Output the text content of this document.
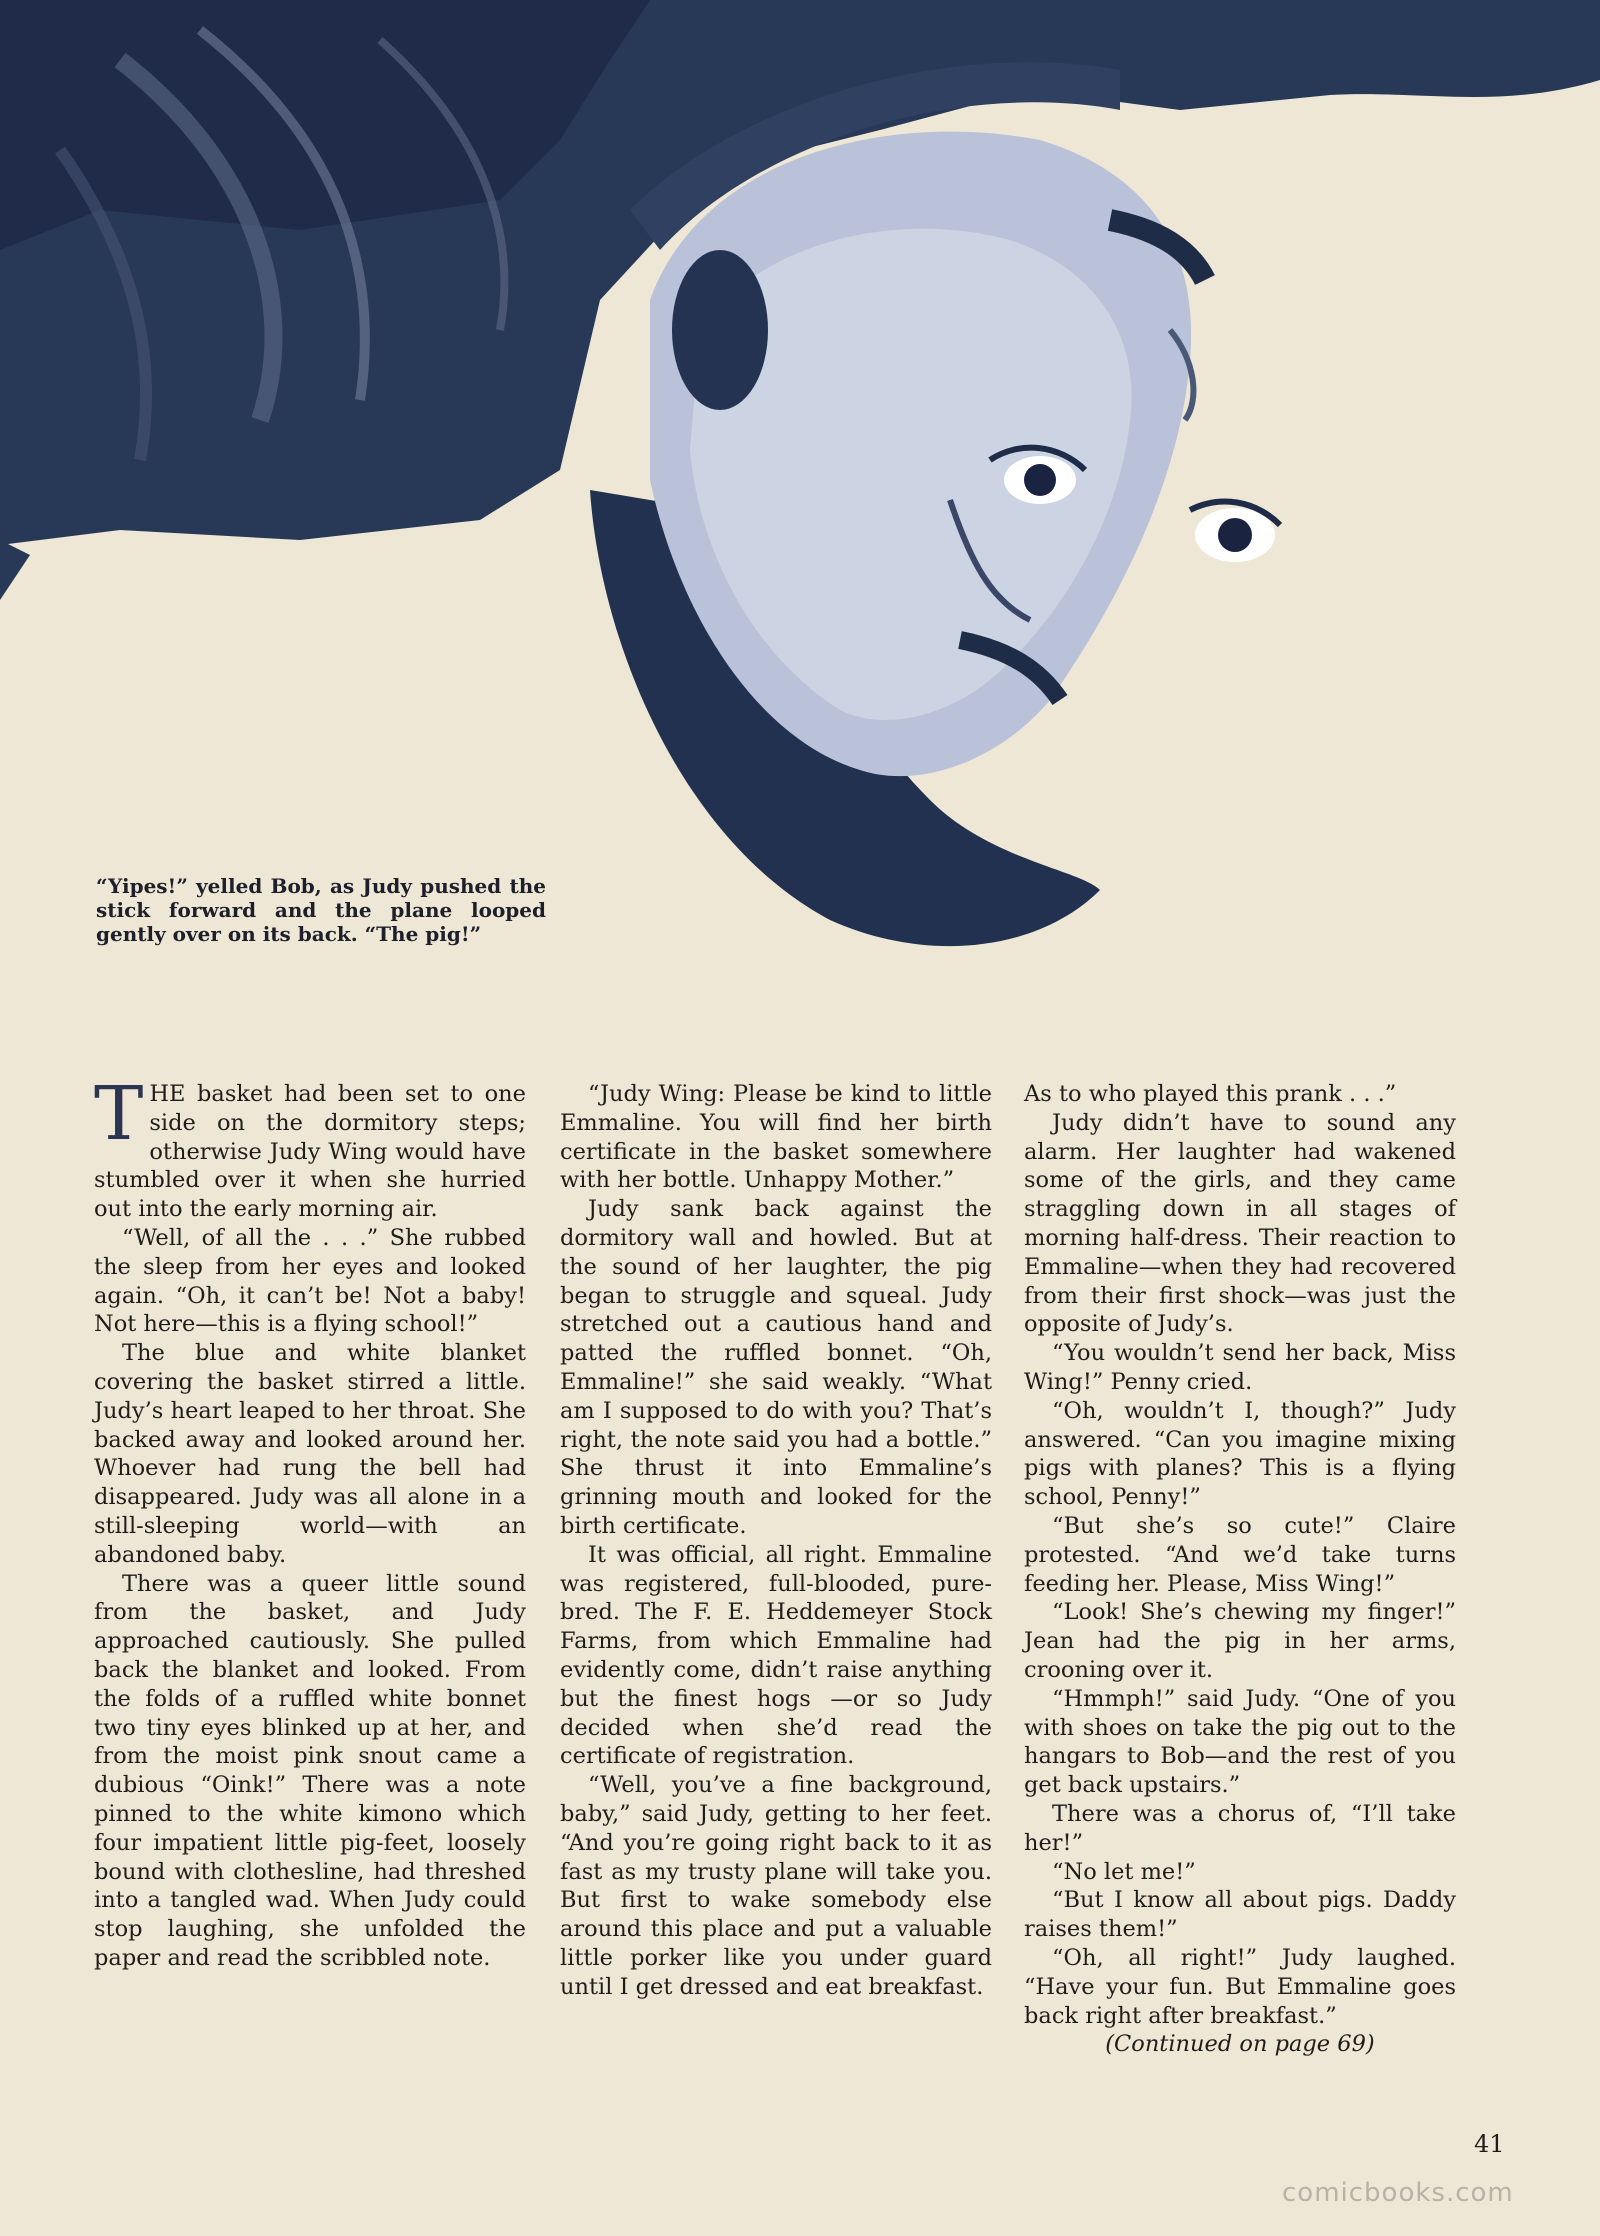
“Yipes!” yelled Bob, as Judy pushed the stick forward and the plane looped gently over on its back. “The pig!”

THE basket had been set to one side on the dormitory steps; otherwise Judy Wing would have stumbled over it when she hurried out into the early morning air.

“Well, of all the . . .” She rubbed the sleep from her eyes and looked again. “Oh, it can’t be! Not a baby! Not here—this is a flying school!”

The blue and white blanket covering the basket stirred a little. Judy’s heart leaped to her throat. She backed away and looked around her. Whoever had rung the bell had disappeared. Judy was all alone in a still-sleeping world—with an abandoned baby.

There was a queer little sound from the basket, and Judy approached cautiously. She pulled back the blanket and looked. From the folds of a ruffled white bonnet two tiny eyes blinked up at her, and from the moist pink snout came a dubious “Oink!” There was a note pinned to the white kimono which four impatient little pig-feet, loosely bound with clothesline, had threshed into a tangled wad. When Judy could stop laughing, she unfolded the paper and read the scribbled note.

“Judy Wing: Please be kind to little Emmaline. You will find her birth certificate in the basket somewhere with her bottle. Unhappy Mother.”

Judy sank back against the dormitory wall and howled. But at the sound of her laughter, the pig began to struggle and squeal. Judy stretched out a cautious hand and patted the ruffled bonnet. “Oh, Emmaline!” she said weakly. “What am I supposed to do with you? That’s right, the note said you had a bottle.” She thrust it into Emmaline’s grinning mouth and looked for the birth certificate.

It was official, all right. Emmaline was registered, full-blooded, pure-bred. The F. E. Heddemeyer Stock Farms, from which Emmaline had evidently come, didn’t raise anything but the finest hogs —or so Judy decided when she’d read the certificate of registration.

“Well, you’ve a fine background, baby,” said Judy, getting to her feet. “And you’re going right back to it as fast as my trusty plane will take you. But first to wake somebody else around this place and put a valuable little porker like you under guard until I get dressed and eat breakfast.

As to who played this prank . . .”

Judy didn’t have to sound any alarm. Her laughter had wakened some of the girls, and they came straggling down in all stages of morning half-dress. Their reaction to Emmaline—when they had recovered from their first shock—was just the opposite of Judy’s.

“You wouldn’t send her back, Miss Wing!” Penny cried.

“Oh, wouldn’t I, though?” Judy answered. “Can you imagine mixing pigs with planes? This is a flying school, Penny!”

“But she’s so cute!” Claire protested. “And we’d take turns feeding her. Please, Miss Wing!”

“Look! She’s chewing my finger!” Jean had the pig in her arms, crooning over it.

“Hmmph!” said Judy. “One of you with shoes on take the pig out to the hangars to Bob—and the rest of you get back upstairs.”

There was a chorus of, “I’ll take her!”

“No let me!”

“But I know all about pigs. Daddy raises them!”

“Oh, all right!” Judy laughed. “Have your fun. But Emmaline goes back right after breakfast.”

(Continued on page 69)

41
comicbooks.com
